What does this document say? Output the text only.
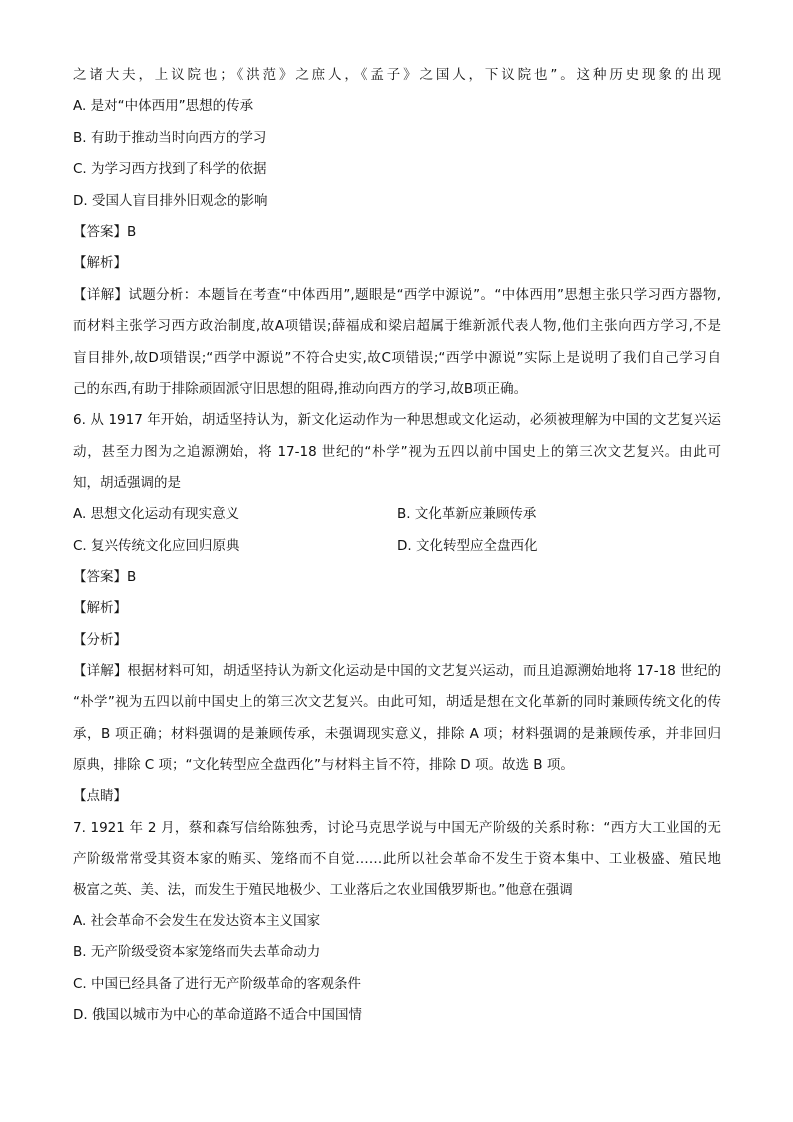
之诸大夫，上议院也；《洪范》之庶人，《孟子》之国人，下议院也”。这种历史现象的出现
A. 是对“中体西用”思想的传承
B. 有助于推动当时向西方的学习
C. 为学习西方找到了科学的依据
D. 受国人盲目排外旧观念的影响
【答案】B
【解析】
【详解】试题分析：本题旨在考查“中体西用”,题眼是“西学中源说”。“中体西用”思想主张只学习西方器物,
而材料主张学习西方政治制度,故A项错误;薛福成和梁启超属于维新派代表人物,他们主张向西方学习,不是
盲目排外,故D项错误;“西学中源说”不符合史实,故C项错误;“西学中源说”实际上是说明了我们自己学习自
己的东西,有助于排除顽固派守旧思想的阻碍,推动向西方的学习,故B项正确。
6. 从 1917 年开始，胡适坚持认为，新文化运动作为一种思想或文化运动，必须被理解为中国的文艺复兴运
动，甚至力图为之追源溯始，将 17-18 世纪的“朴学”视为五四以前中国史上的第三次文艺复兴。由此可
知，胡适强调的是
A. 思想文化运动有现实意义	B. 文化革新应兼顾传承
C. 复兴传统文化应回归原典	D. 文化转型应全盘西化
【答案】B
【解析】
【分析】
【详解】根据材料可知，胡适坚持认为新文化运动是中国的文艺复兴运动，而且追源溯始地将 17-18 世纪的
“朴学”视为五四以前中国史上的第三次文艺复兴。由此可知，胡适是想在文化革新的同时兼顾传统文化的传
承，B 项正确；材料强调的是兼顾传承，未强调现实意义，排除 A 项；材料强调的是兼顾传承，并非回归
原典，排除 C 项；“文化转型应全盘西化”与材料主旨不符，排除 D 项。故选 B 项。
【点睛】
7. 1921 年 2 月，蔡和森写信给陈独秀，讨论马克思学说与中国无产阶级的关系时称：“西方大工业国的无
产阶级常常受其资本家的贿买、笼络而不自觉……此所以社会革命不发生于资本集中、工业极盛、殖民地
极富之英、美、法，而发生于殖民地极少、工业落后之农业国俄罗斯也。”他意在强调
A. 社会革命不会发生在发达资本主义国家
B. 无产阶级受资本家笼络而失去革命动力
C. 中国已经具备了进行无产阶级革命的客观条件
D. 俄国以城市为中心的革命道路不适合中国国情
